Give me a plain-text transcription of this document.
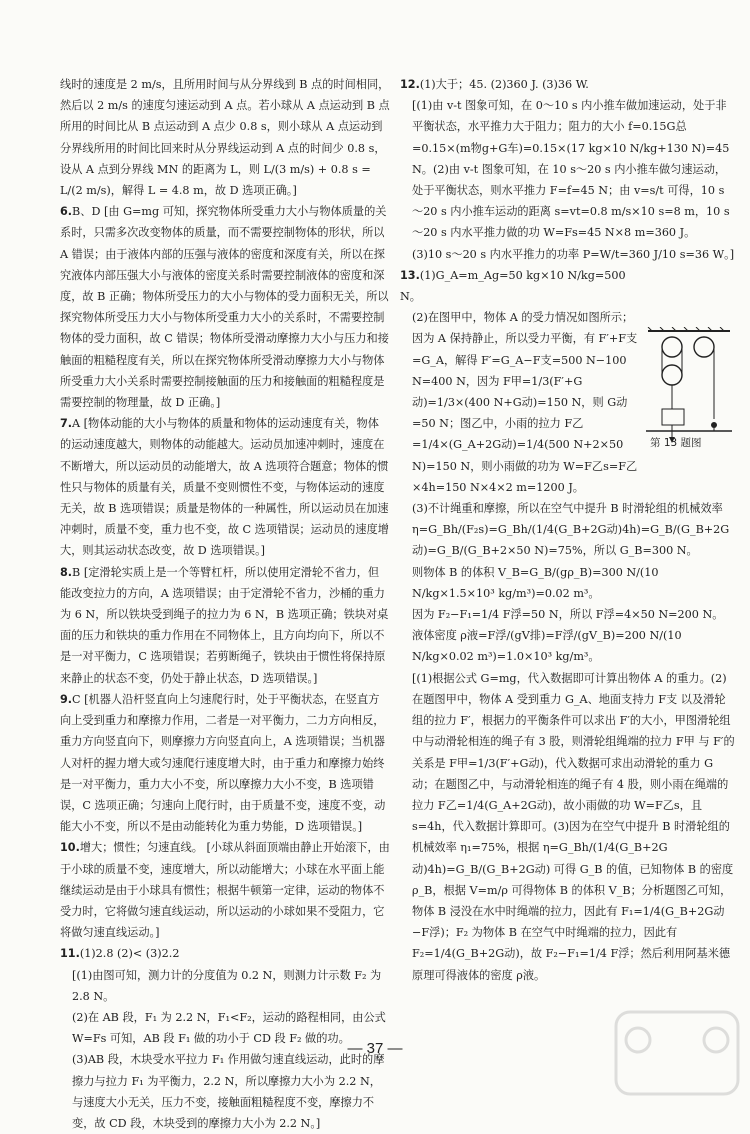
线时的速度是 2 m/s，且所用时间与从分界线到 B 点的时间相同，然后以 2 m/s 的速度匀速运动到 A 点。若小球从 A 点运动到 B 点所用的时间比从 B 点运动到 A 点少 0.8 s，则小球从 A 点运动到分界线所用的时间比回来时从分界线运动到 A 点的时间少 0.8 s，设从 A 点到分界线 MN 的距离为 L，则 L/(3 m/s) + 0.8 s = L/(2 m/s)，解得 L = 4.8 m，故 D 选项正确。]

6.B、D [由 G=mg 可知，探究物体所受重力大小与物体质量的关系时，只需多次改变物体的质量，而不需要控制物体的形状，所以 A 错误；由于液体内部的压强与液体的密度和深度有关，所以在探究液体内部压强大小与液体的密度关系时需要控制液体的密度和深度，故 B 正确；物体所受压力的大小与物体的受力面积无关，所以探究物体所受压力大小与物体所受重力大小的关系时，不需要控制物体的受力面积，故 C 错误；物体所受滑动摩擦力大小与压力和接触面的粗糙程度有关，所以在探究物体所受滑动摩擦力大小与物体所受重力大小关系时需要控制接触面的压力和接触面的粗糙程度是需要控制的物理量，故 D 正确。]

7.A [物体动能的大小与物体的质量和物体的运动速度有关，物体的运动速度越大，则物体的动能越大。运动员加速冲刺时，速度在不断增大，所以运动员的动能增大，故 A 选项符合题意；物体的惯性只与物体的质量有关，质量不变则惯性不变，与物体运动的速度无关，故 B 选项错误；质量是物体的一种属性，所以运动员在加速冲刺时，质量不变，重力也不变，故 C 选项错误；运动员的速度增大，则其运动状态改变，故 D 选项错误。]

8.B [定滑轮实质上是一个等臂杠杆，所以使用定滑轮不省力，但能改变拉力的方向，A 选项错误；由于定滑轮不省力，沙桶的重力为 6 N，所以铁块受到绳子的拉力为 6 N，B 选项正确；铁块对桌面的压力和铁块的重力作用在不同物体上，且方向均向下，所以不是一对平衡力，C 选项错误；若剪断绳子，铁块由于惯性将保持原来静止的状态不变，仍处于静止状态，D 选项错误。]

9.C [机器人沿杆竖直向上匀速爬行时，处于平衡状态，在竖直方向上受到重力和摩擦力作用，二者是一对平衡力，二力方向相反，重力方向竖直向下，则摩擦力方向竖直向上，A 选项错误；当机器人对杆的握力增大或匀速爬行速度增大时，由于重力和摩擦力始终是一对平衡力，重力大小不变，所以摩擦力大小不变，B 选项错误，C 选项正确；匀速向上爬行时，由于质量不变，速度不变，动能大小不变，所以不是由动能转化为重力势能，D 选项错误。]

10.增大；惯性；匀速直线。 [小球从斜面顶端由静止开始滚下，由于小球的质量不变，速度增大，所以动能增大；小球在水平面上能继续运动是由于小球具有惯性；根据牛顿第一定律，运动的物体不受力时，它将做匀速直线运动，所以运动的小球如果不受阻力，它将做匀速直线运动。]

11.(1)2.8 (2)< (3)2.2

[(1)由图可知，测力计的分度值为 0.2 N，则测力计示数 F₂ 为 2.8 N。

(2)在 AB 段，F₁ 为 2.2 N，F₁<F₂，运动的路程相同，由公式 W=Fs 可知，AB 段 F₁ 做的功小于 CD 段 F₂ 做的功。

(3)AB 段，木块受水平拉力 F₁ 作用做匀速直线运动，此时的摩擦力与拉力 F₁ 为平衡力，2.2 N，所以摩擦力大小为 2.2 N，与速度大小无关，压力不变，接触面粗糙程度不变，摩擦力不变，故 CD 段，木块受到的摩擦力大小为 2.2 N。]

12.(1)大于；45. (2)360 J. (3)36 W.

[(1)由 v-t 图象可知，在 0～10 s 内小推车做加速运动，处于非平衡状态，水平推力大于阻力；阻力的大小 f=0.15G总=0.15×(m物g+G车)=0.15×(17 kg×10 N/kg+130 N)=45 N。(2)由 v-t 图象可知，在 10 s～20 s 内小推车做匀速运动，处于平衡状态，则水平推力 F=f=45 N；由 v=s/t 可得，10 s～20 s 内小推车运动的距离 s=vt=0.8 m/s×10 s=8 m，10 s～20 s 内水平推力做的功 W=Fs=45 N×8 m=360 J。

(3)10 s～20 s 内水平推力的功率 P=W/t=360 J/10 s=36 W。]

13.(1)G_A=m_Ag=50 kg×10 N/kg=500 N。

(2)在图甲中，物体 A 的受力情况如图所示；因为 A 保持静止，所以受力平衡，有 F′+F支=G_A，解得 F′=G_A−F支=500 N−100 N=400 N，因为 F甲=1/3(F′+G动)=1/3×(400 N+G动)=150 N，则 G动=50 N；图乙中，小雨的拉力 F乙=1/4×(G_A+2G动)=1/4(500 N+2×50 N)=150 N，则小雨做的功为 W=F乙s=F乙×4h=150 N×4×2 m=1200 J。

(3)不计绳重和摩擦，所以在空气中提升 B 时滑轮组的机械效率 η=G_Bh/(F₂s)=G_Bh/(1/4(G_B+2G动)4h)=G_B/(G_B+2G动)=G_B/(G_B+2×50 N)=75%，所以 G_B=300 N。

则物体 B 的体积 V_B=G_B/(gρ_B)=300 N/(10 N/kg×1.5×10³ kg/m³)=0.02 m³。

因为 F₂−F₁=1/4 F浮=50 N，所以 F浮=4×50 N=200 N。

液体密度 ρ液=F浮/(gV排)=F浮/(gV_B)=200 N/(10 N/kg×0.02 m³)=1.0×10³ kg/m³。

[(1)根据公式 G=mg，代入数据即可计算出物体 A 的重力。(2)在题图甲中，物体 A 受到重力 G_A、地面支持力 F支 以及滑轮组的拉力 F′，根据力的平衡条件可以求出 F′的大小，甲图滑轮组中与动滑轮相连的绳子有 3 股，则滑轮组绳端的拉力 F甲 与 F′的关系是 F甲=1/3(F′+G动)，代入数据可求出动滑轮的重力 G动；在题图乙中，与动滑轮相连的绳子有 4 股，则小雨在绳端的拉力 F乙=1/4(G_A+2G动)，故小雨做的功 W=F乙s，且 s=4h，代入数据计算即可。(3)因为在空气中提升 B 时滑轮组的机械效率 η₁=75%，根据 η=G_Bh/(1/4(G_B+2G动)4h)=G_B/(G_B+2G动) 可得 G_B 的值，已知物体 B 的密度 ρ_B，根据 V=m/ρ 可得物体 B 的体积 V_B；分析题图乙可知，物体 B 浸没在水中时绳端的拉力，因此有 F₁=1/4(G_B+2G动−F浮)；F₂ 为物体 B 在空气中时绳端的拉力，因此有 F₂=1/4(G_B+2G动)，故 F₂−F₁=1/4 F浮；然后利用阿基米德原理可得液体的密度 ρ液。

第 13 题图
— 37 —
